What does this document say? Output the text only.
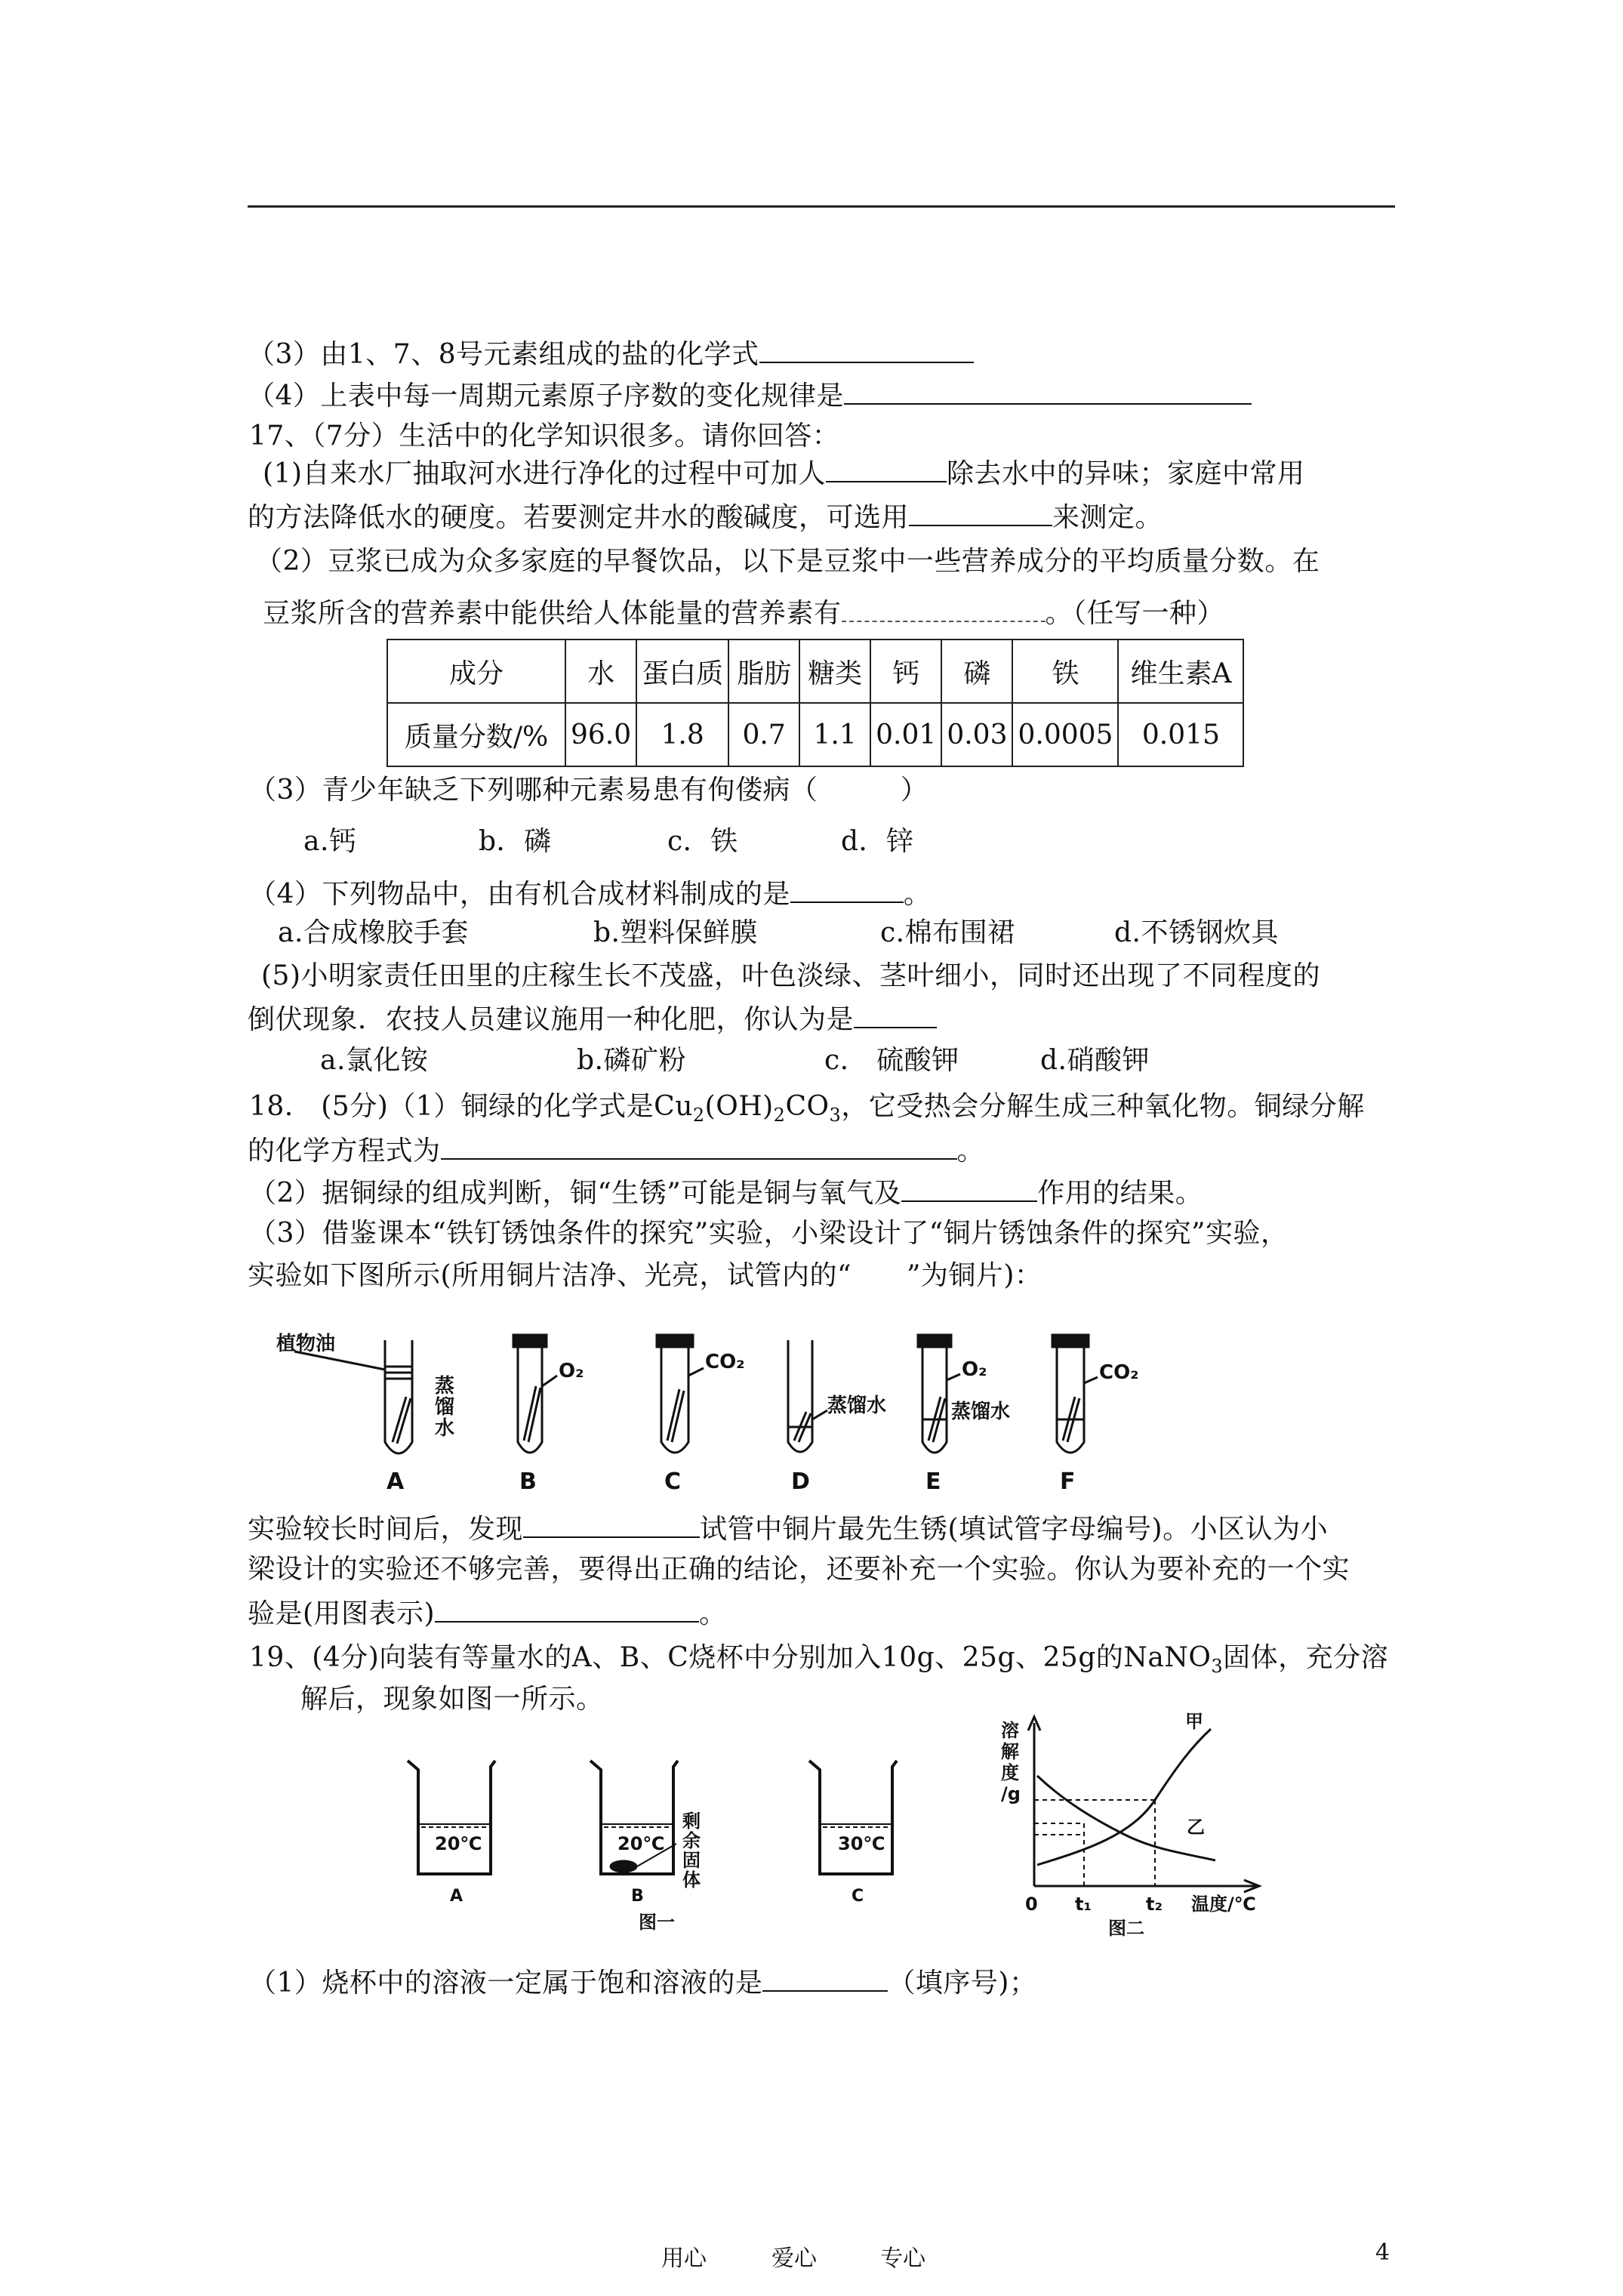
（3）由1、7、8号元素组成的盐的化学式
（4）上表中每一周期元素原子序数的变化规律是
17、（7分）生活中的化学知识很多。请你回答：
(1)自来水厂抽取河水进行净化的过程中可加人	除去水中的异味；家庭中常用
的方法降低水的硬度。若要测定井水的酸碱度，可选用	来测定。
（2）豆浆已成为众多家庭的早餐饮品，以下是豆浆中一些营养成分的平均质量分数。在
豆浆所含的营养素中能供给人体能量的营养素有	。（任写一种）
成分	水	蛋白质	脂肪	糖类	钙	磷	铁	维生素A
质量分数/%	96.0	1.8	0.7	1.1	0.01	0.03	0.0005	0.015
（3）青少年缺乏下列哪种元素易患有佝偻病（　　　）
a.钙	b．磷	c．铁	d．锌
（4）下列物品中，由有机合成材料制成的是	。
a.合成橡胶手套	b.塑料保鲜膜	c.棉布围裙	d.不锈钢炊具
(5)小明家责任田里的庄稼生长不茂盛，叶色淡绿、茎叶细小，同时还出现了不同程度的
倒伏现象．农技人员建议施用一种化肥，你认为是
a.氯化铵	b.磷矿粉	c.　硫酸钾	d.硝酸钾
18.　(5分)（1）铜绿的化学式是$Cu_2(OH)_2CO_3$，它受热会分解生成三种氧化物。铜绿分解
的化学方程式为	。
（2）据铜绿的组成判断，铜“生锈”可能是铜与氧气及	作用的结果。
（3）借鉴课本“铁钉锈蚀条件的探究”实验，小梁设计了“铜片锈蚀条件的探究”实验，
实验如下图所示(所用铜片洁净、光亮，试管内的“　　”为铜片)：
植物油
蒸
馏
水
O₂	CO₂
蒸馏水
O₂
蒸馏水
CO₂
A	B	C	D	E	F
实验较长时间后，发现	试管中铜片最先生锈(填试管字母编号)。小区认为小
梁设计的实验还不够完善，要得出正确的结论，还要补充一个实验。你认为要补充的一个实
验是(用图表示)	。
19、(4分)向装有等量水的A、B、C烧杯中分别加入10g、25g、25g的NaNO$_3$固体，充分溶
解后，现象如图一所示。
20℃	20℃	30℃
A	B	C
剩
余
固
体
图一
溶
解
度
/g
甲
乙
0 t₁	t₂ 温度/℃
图二
（1）烧杯中的溶液一定属于饱和溶液的是	（填序号)；
用心	爱心	专心	4
